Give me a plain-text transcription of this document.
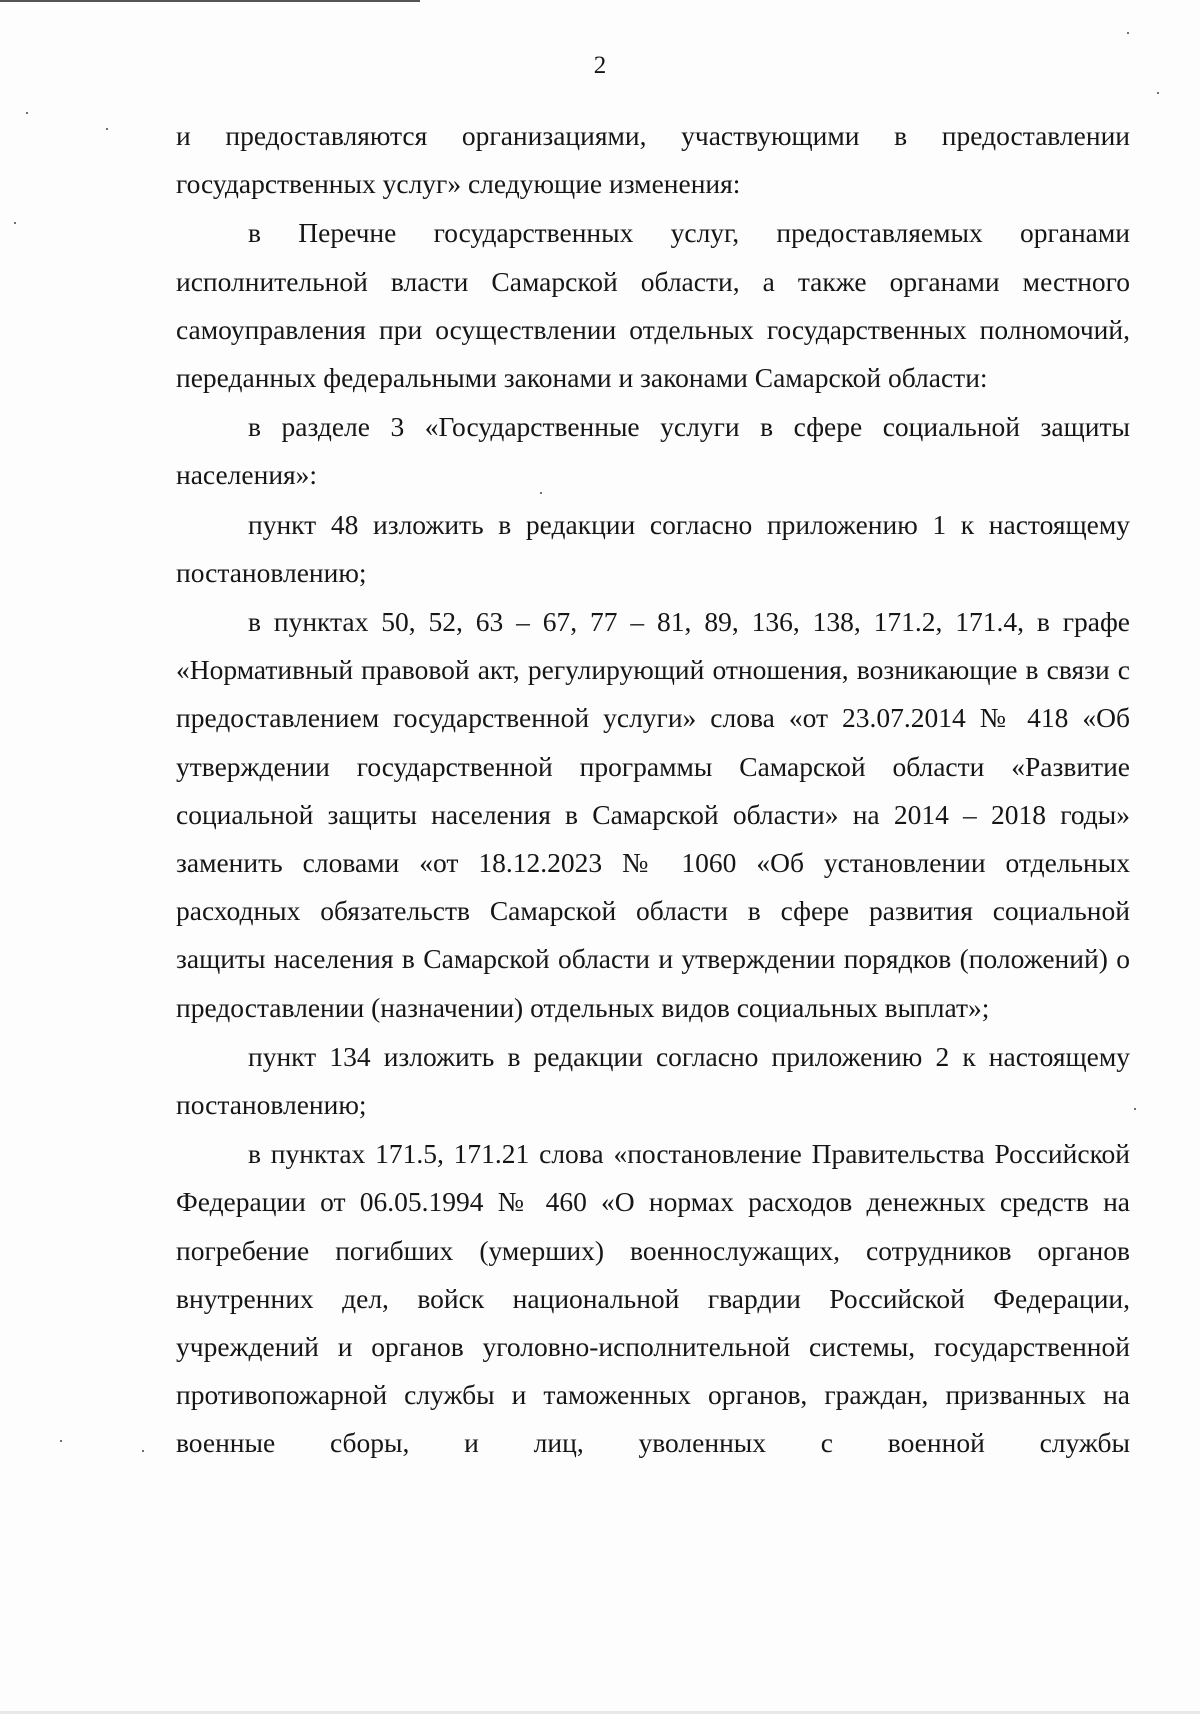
2

и предоставляются организациями, участвующими в предоставлении государственных услуг» следующие изменения:

в Перечне государственных услуг, предоставляемых органами исполнительной власти Самарской области, а также органами местного самоуправления при осуществлении отдельных государственных полномочий, переданных федеральными законами и законами Самарской области:

в разделе 3 «Государственные услуги в сфере социальной защиты населения»:

пункт 48 изложить в редакции согласно приложению 1 к настоящему постановлению;

в пунктах 50, 52, 63 – 67, 77 – 81, 89, 136, 138, 171.2, 171.4, в графе «Нормативный правовой акт, регулирующий отношения, возникающие в связи с предоставлением государственной услуги» слова «от 23.07.2014 № 418 «Об утверждении государственной программы Самарской области «Развитие социальной защиты населения в Самарской области» на 2014 – 2018 годы» заменить словами «от 18.12.2023 № 1060 «Об установлении отдельных расходных обязательств Самарской области в сфере развития социальной защиты населения в Самарской области и утверждении порядков (положений) о предоставлении (назначении) отдельных видов социальных выплат»;

пункт 134 изложить в редакции согласно приложению 2 к настоящему постановлению;

в пунктах 171.5, 171.21 слова «постановление Правительства Российской Федерации от 06.05.1994 № 460 «О нормах расходов денежных средств на погребение погибших (умерших) военнослужащих, сотрудников органов внутренних дел, войск национальной гвардии Российской Федерации, учреждений и органов уголовно-исполнительной системы, государственной противопожарной службы и таможенных органов, граждан, призванных на военные сборы, и лиц, уволенных с военной службы
